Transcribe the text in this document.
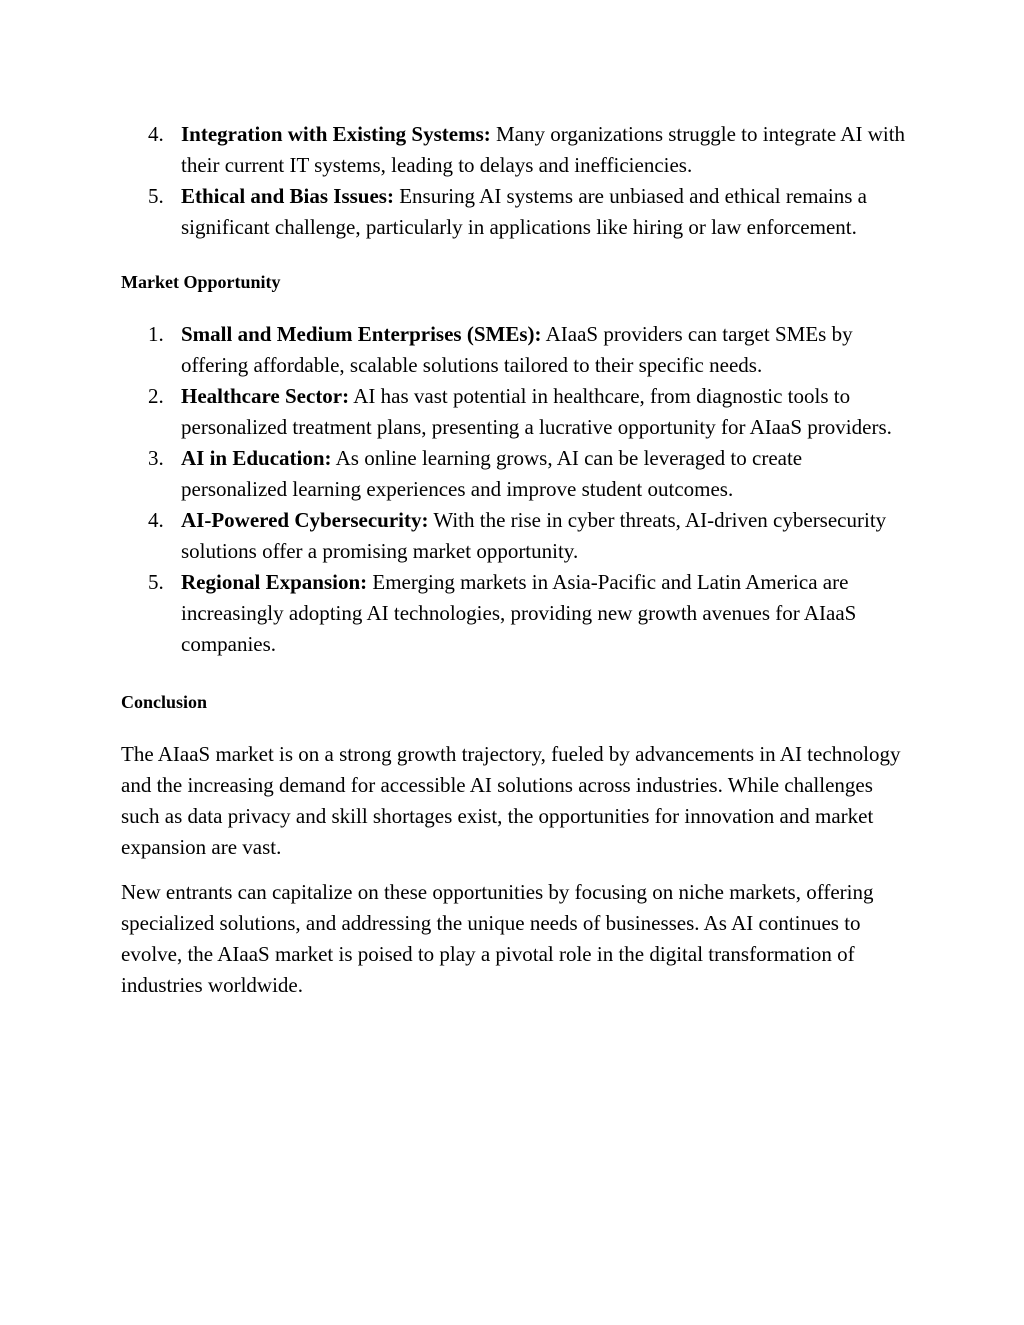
4. Integration with Existing Systems: Many organizations struggle to integrate AI with their current IT systems, leading to delays and inefficiencies.
5. Ethical and Bias Issues: Ensuring AI systems are unbiased and ethical remains a significant challenge, particularly in applications like hiring or law enforcement.
Market Opportunity
1. Small and Medium Enterprises (SMEs): AIaaS providers can target SMEs by offering affordable, scalable solutions tailored to their specific needs.
2. Healthcare Sector: AI has vast potential in healthcare, from diagnostic tools to personalized treatment plans, presenting a lucrative opportunity for AIaaS providers.
3. AI in Education: As online learning grows, AI can be leveraged to create personalized learning experiences and improve student outcomes.
4. AI-Powered Cybersecurity: With the rise in cyber threats, AI-driven cybersecurity solutions offer a promising market opportunity.
5. Regional Expansion: Emerging markets in Asia-Pacific and Latin America are increasingly adopting AI technologies, providing new growth avenues for AIaaS companies.
Conclusion

The AIaaS market is on a strong growth trajectory, fueled by advancements in AI technology and the increasing demand for accessible AI solutions across industries. While challenges such as data privacy and skill shortages exist, the opportunities for innovation and market expansion are vast.

New entrants can capitalize on these opportunities by focusing on niche markets, offering specialized solutions, and addressing the unique needs of businesses. As AI continues to evolve, the AIaaS market is poised to play a pivotal role in the digital transformation of industries worldwide.
